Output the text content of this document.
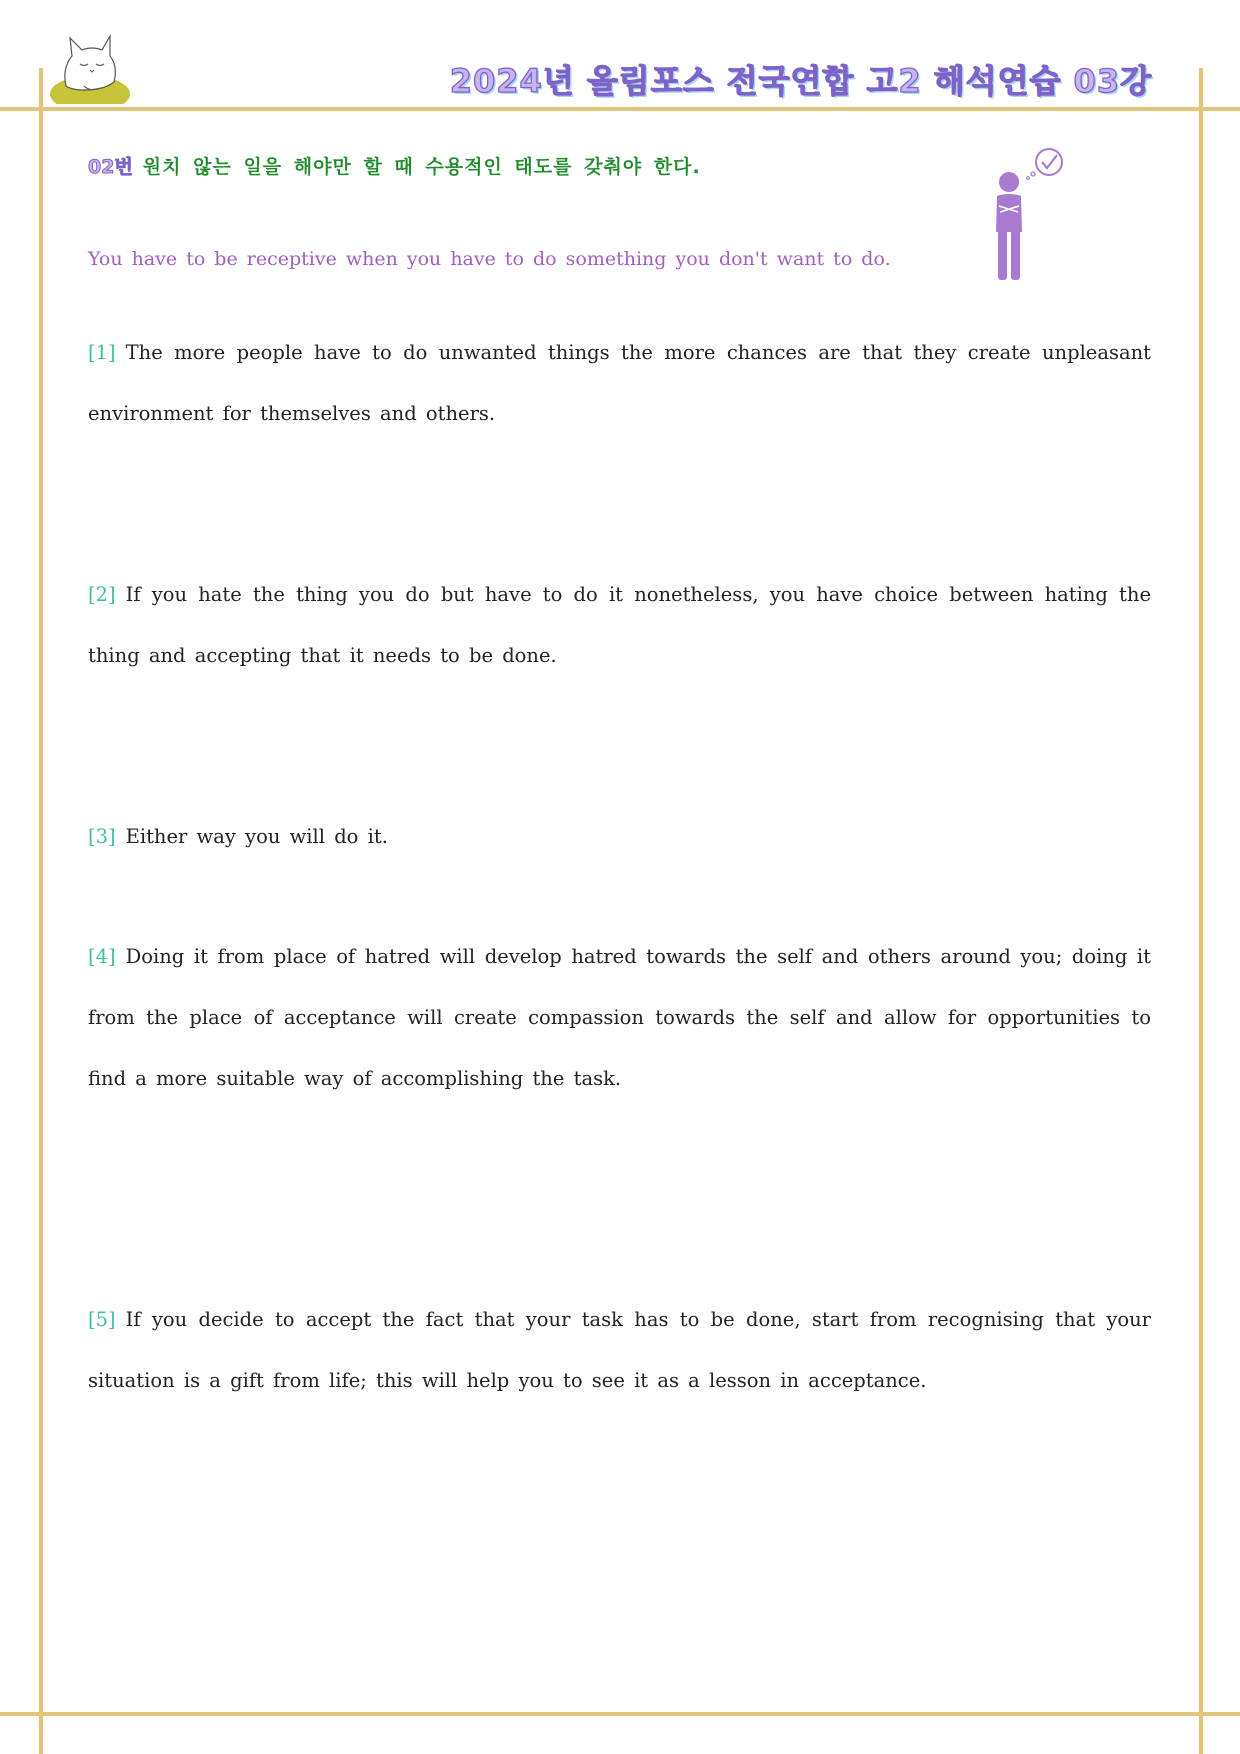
2024년 올림포스 전국연합 고2 해석연습 03강
02번 원치 않는 일을 해야만 할 때 수용적인 태도를 갖춰야 한다.
You have to be receptive when you have to do something you don't want to do.
[1] The more people have to do unwanted things the more chances are that they create unpleasant environment for themselves and others.
[2] If you hate the thing you do but have to do it nonetheless, you have choice between hating the thing and accepting that it needs to be done.
[3] Either way you will do it.
[4] Doing it from place of hatred will develop hatred towards the self and others around you; doing it from the place of acceptance will create compassion towards the self and allow for opportunities to find a more suitable way of accomplishing the task.
[5] If you decide to accept the fact that your task has to be done, start from recognising that your situation is a gift from life; this will help you to see it as a lesson in acceptance.
